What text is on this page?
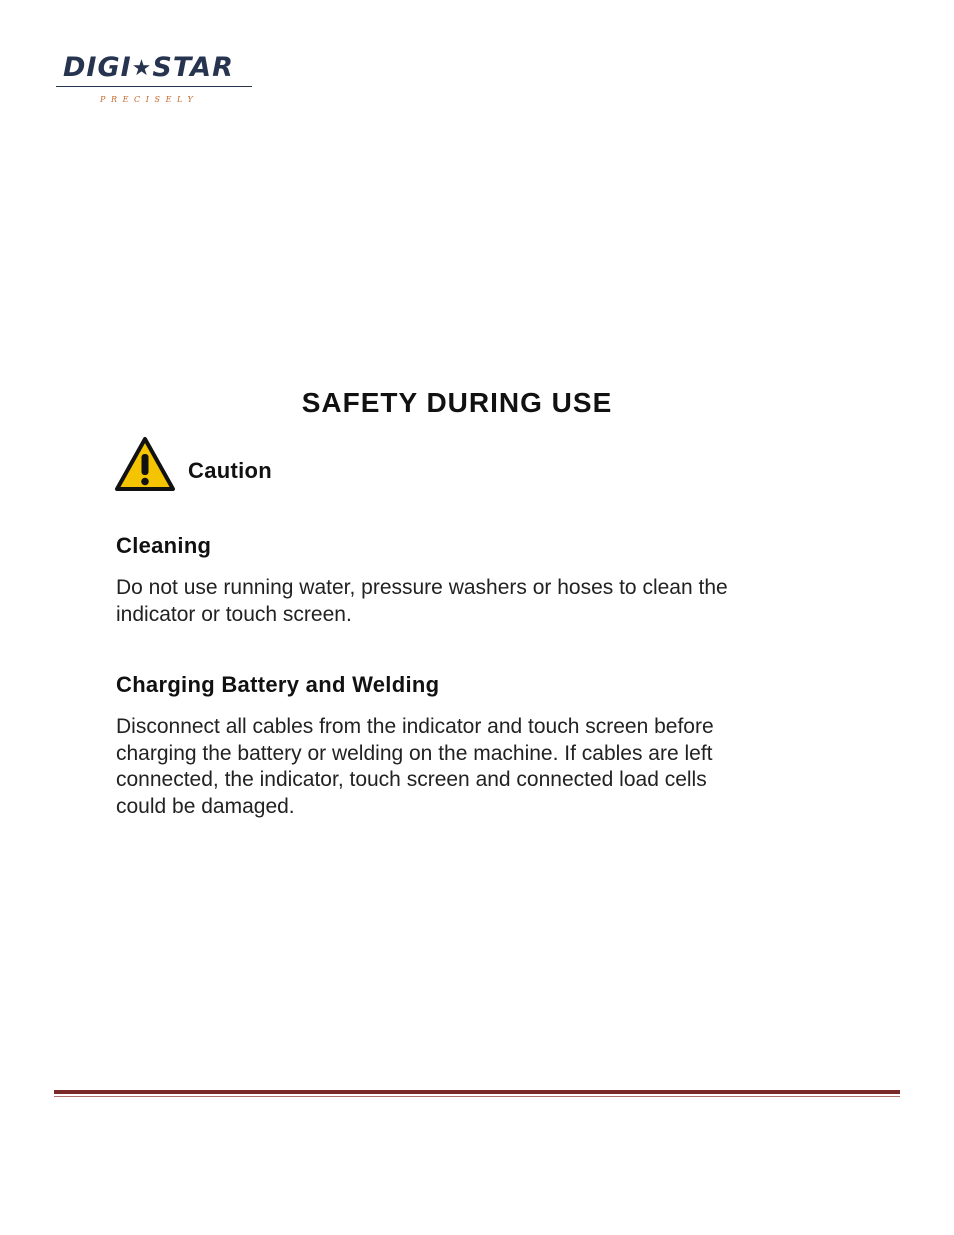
DIGI★STAR

PRECISELY

SAFETY DURING USE
Caution
Cleaning
Do not use running water, pressure washers or hoses to clean the
indicator or touch screen.
Charging Battery and Welding
Disconnect all cables from the indicator and touch screen before
charging the battery or welding on the machine. If cables are left
connected, the indicator, touch screen and connected load cells
could be damaged.
